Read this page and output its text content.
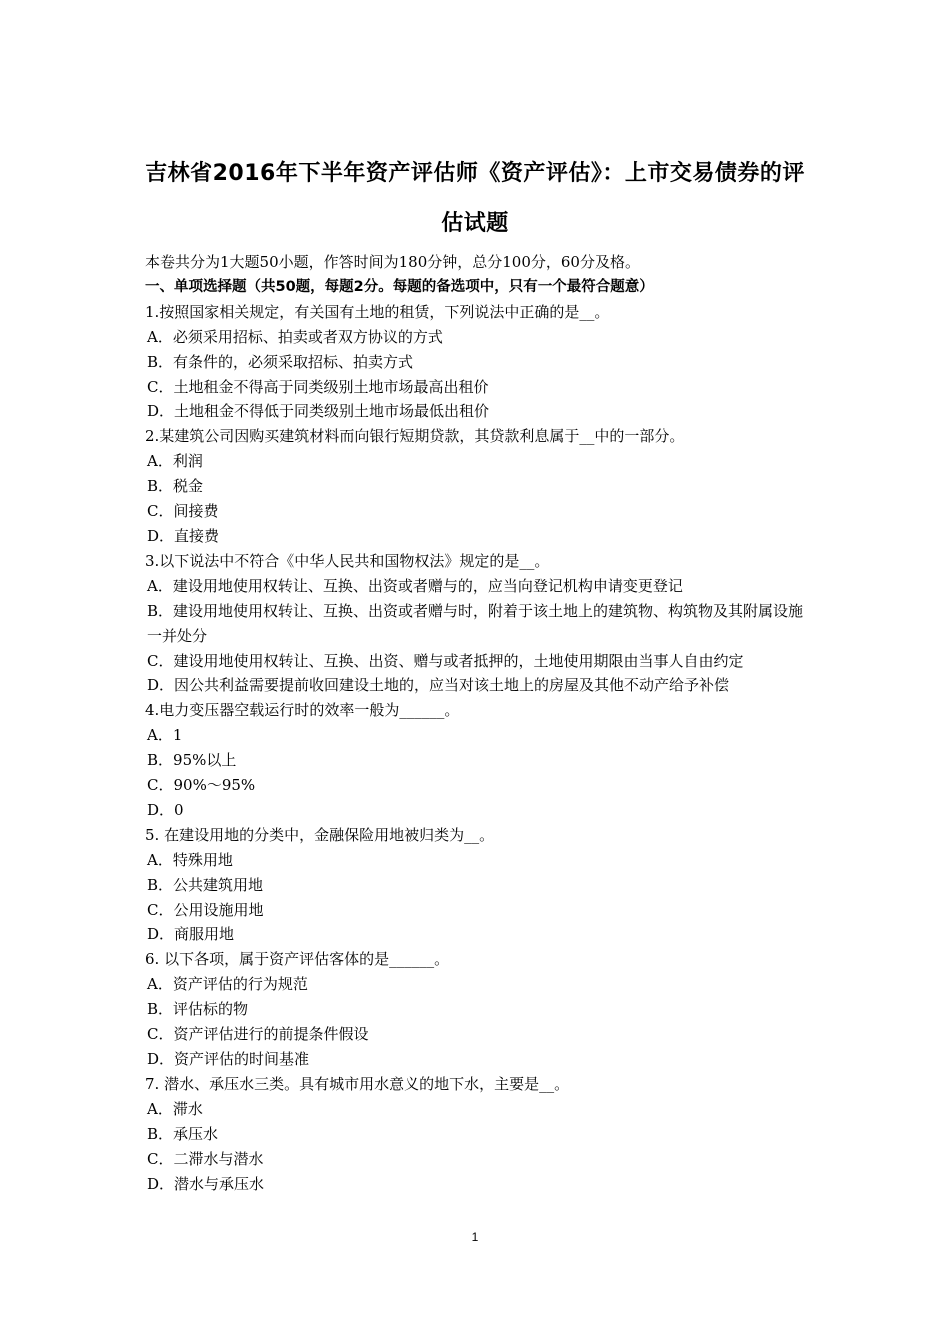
吉林省2016年下半年资产评估师《资产评估》：上市交易债券的评
估试题
本卷共分为1大题50小题，作答时间为180分钟，总分100分，60分及格。
一、单项选择题（共50题，每题2分。每题的备选项中，只有一个最符合题意）
1.按照国家相关规定，有关国有土地的租赁，下列说法中正确的是__。
A．必须采用招标、拍卖或者双方协议的方式
B．有条件的，必须采取招标、拍卖方式
C．土地租金不得高于同类级别土地市场最高出租价
D．土地租金不得低于同类级别土地市场最低出租价
2.某建筑公司因购买建筑材料而向银行短期贷款，其贷款利息属于__中的一部分。
A．利润
B．税金
C．间接费
D．直接费
3.以下说法中不符合《中华人民共和国物权法》规定的是__。
A．建设用地使用权转让、互换、出资或者赠与的，应当向登记机构申请变更登记
B．建设用地使用权转让、互换、出资或者赠与时，附着于该土地上的建筑物、构筑物及其附属设施一并处分
C．建设用地使用权转让、互换、出资、赠与或者抵押的，土地使用期限由当事人自由约定
D．因公共利益需要提前收回建设土地的，应当对该土地上的房屋及其他不动产给予补偿
4.电力变压器空载运行时的效率一般为______。
A．1
B．95%以上
C．90%～95%
D．0
5. 在建设用地的分类中，金融保险用地被归类为__。
A．特殊用地
B．公共建筑用地
C．公用设施用地
D．商服用地
6. 以下各项，属于资产评估客体的是______。
A．资产评估的行为规范
B．评估标的物
C．资产评估进行的前提条件假设
D．资产评估的时间基准
7. 潜水、承压水三类。具有城市用水意义的地下水，主要是__。
A．滞水
B．承压水
C．二滞水与潜水
D．潜水与承压水
1
